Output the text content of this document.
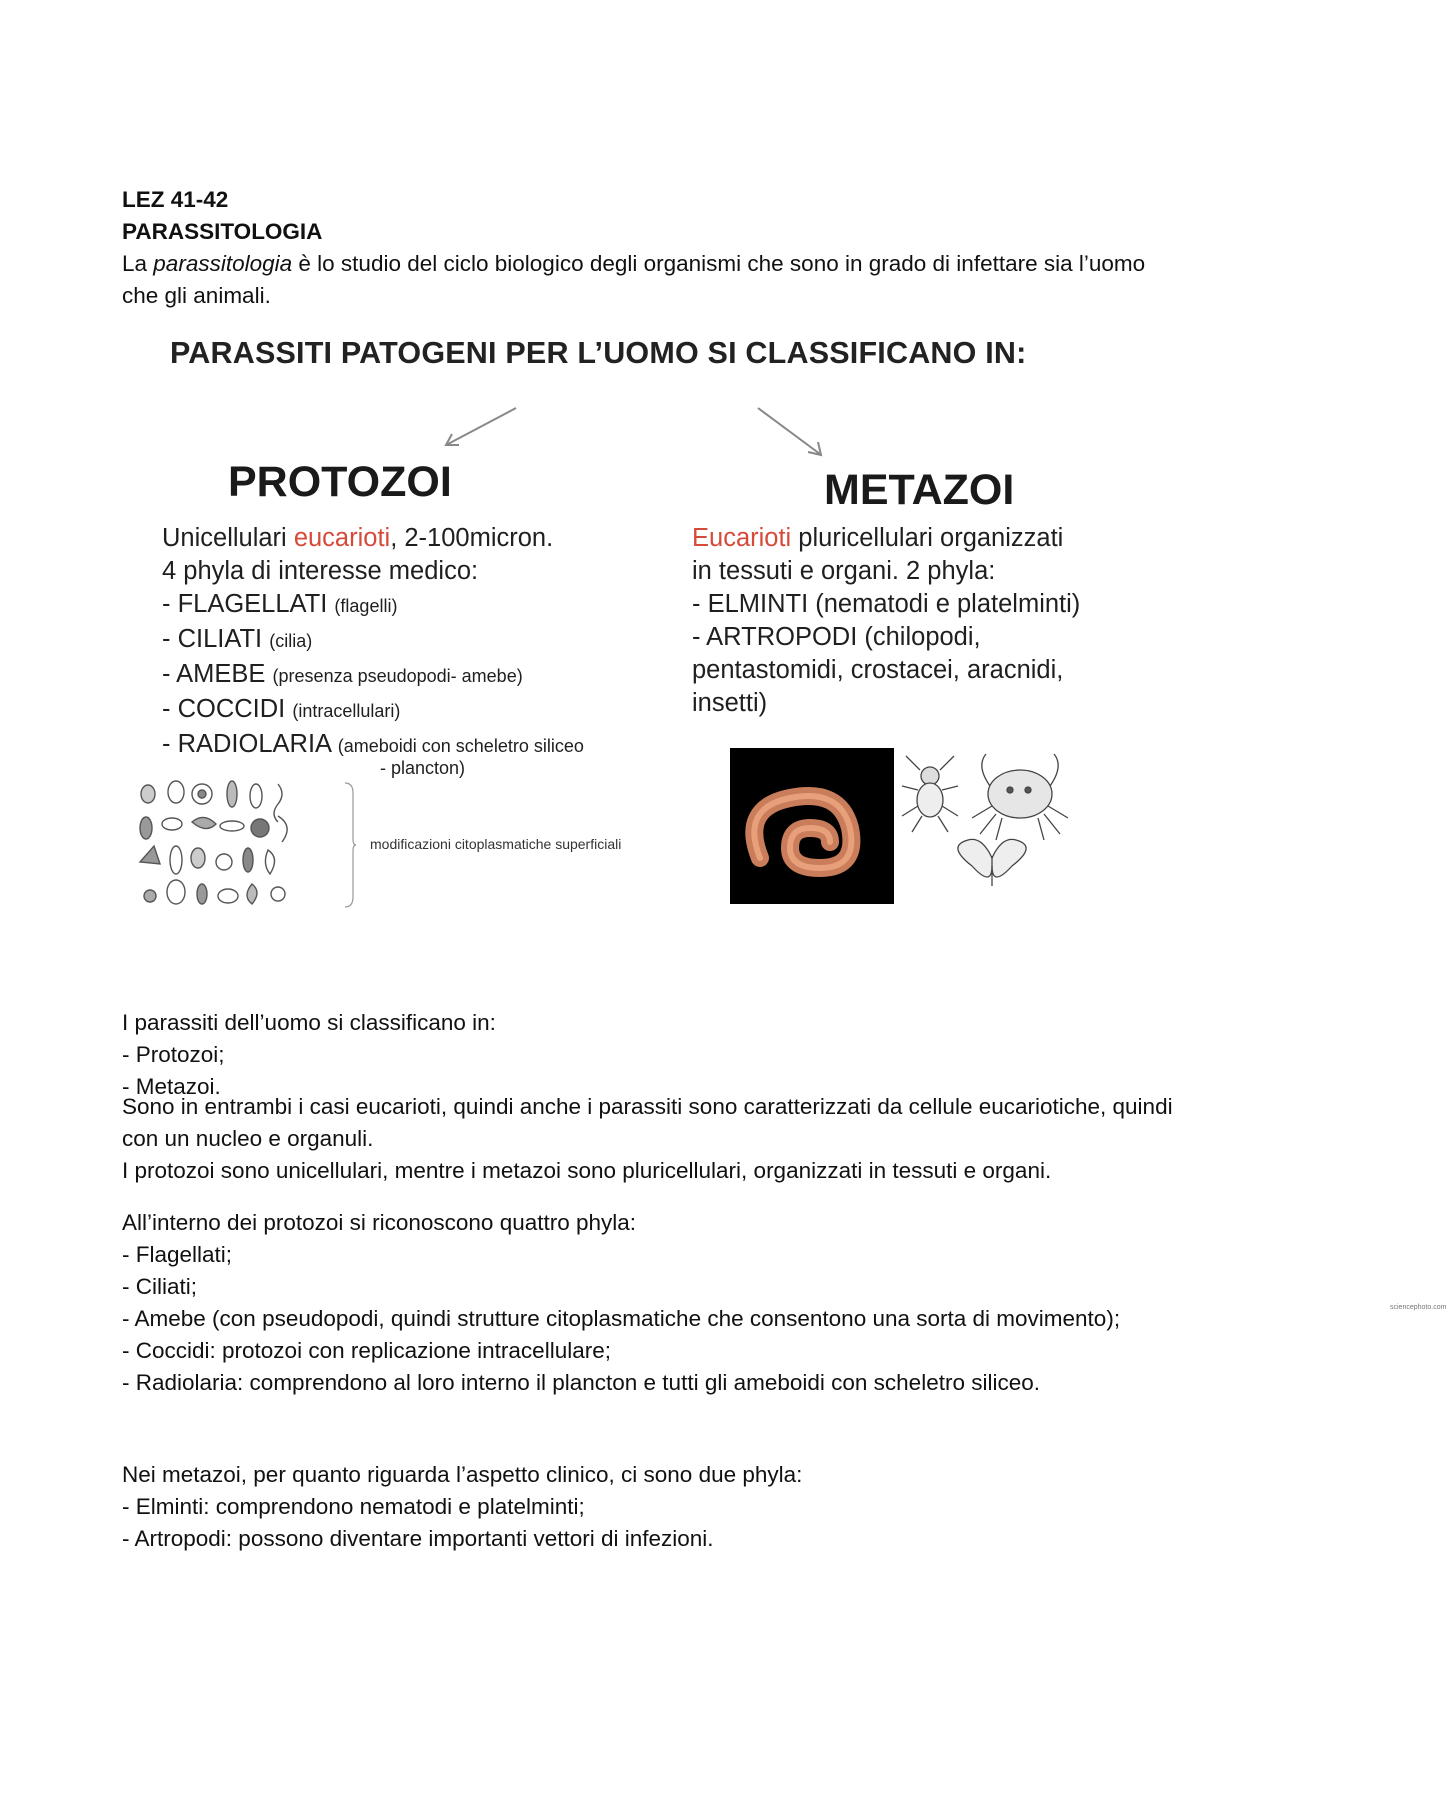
LEZ 41-42
PARASSITOLOGIA

La parassitologia è lo studio del ciclo biologico degli organismi che sono in grado di infettare sia l’uomo che gli animali.

PARASSITI PATOGENI PER L’UOMO SI CLASSIFICANO IN:
PROTOZOI	METAZOI
Unicellulari eucarioti, 2-100micron.
4 phyla di interesse medico:
- FLAGELLATI (flagelli)
- CILIATI (cilia)
- AMEBE (presenza pseudopodi- amebe)
- COCCIDI (intracellulari)
- RADIOLARIA (ameboidi con scheletro siliceo
- plancton)
Eucarioti pluricellulari organizzati
in tessuti e organi. 2 phyla:
- ELMINTI (nematodi e platelminti)
- ARTROPODI (chilopodi,
pentastomidi, crostacei, aracnidi,
insetti)
modificazioni citoplasmatiche superficiali
sciencephoto.com

I parassiti dell’uomo si classificano in:

- Protozoi;

- Metazoi.

Sono in entrambi i casi eucarioti, quindi anche i parassiti sono caratterizzati da cellule eucariotiche, quindi con un nucleo e organuli.

I protozoi sono unicellulari, mentre i metazoi sono pluricellulari, organizzati in tessuti e organi.

All’interno dei protozoi si riconoscono quattro phyla:

- Flagellati;

- Ciliati;

- Amebe (con pseudopodi, quindi strutture citoplasmatiche che consentono una sorta di movimento);

- Coccidi: protozoi con replicazione intracellulare;

- Radiolaria: comprendono al loro interno il plancton e tutti gli ameboidi con scheletro siliceo.

Nei metazoi, per quanto riguarda l’aspetto clinico, ci sono due phyla:

- Elminti: comprendono nematodi e platelminti;

- Artropodi: possono diventare importanti vettori di infezioni.
